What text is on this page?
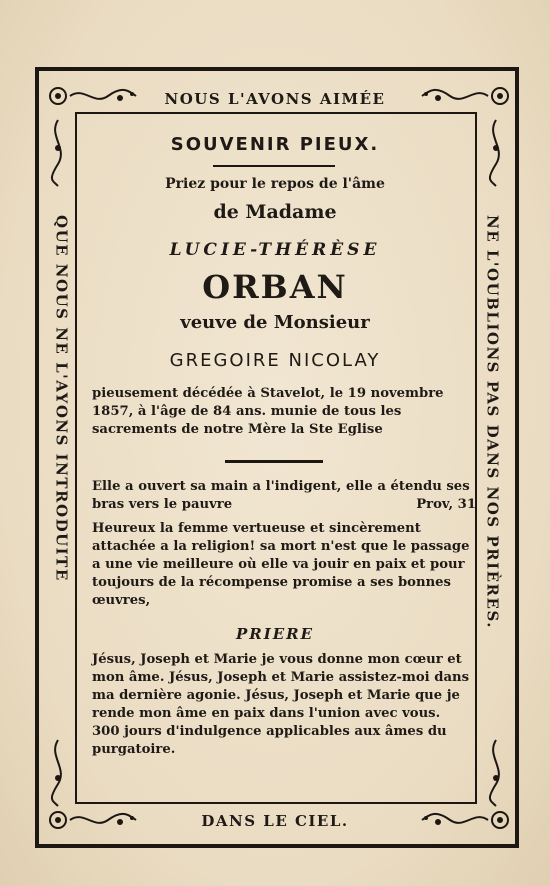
NOUS L'AVONS AIMÉE
DANS LE CIEL.
QUE NOUS NE L'AYONS INTRODUITE	NE L'OUBLIONS PAS DANS NOS PRIÈRES.
SOUVENIR PIEUX.
Priez pour le repos de l'âme
de Madame
LUCIE-THÉRÈSE
ORBAN
veuve de Monsieur
GREGOIRE NICOLAY
pieusement décédée à Stavelot, le 19 novembre 1857, à l'âge de 84 ans. munie de tous les sacrements de notre Mère la Ste Eglise
Elle a ouvert sa main a l'indigent, elle a étendu ses bras vers le pauvre	Prov, 31
Heureux la femme vertueuse et sincèrement attachée a la religion! sa mort n'est que le passage a une vie meilleure où elle va jouir en paix et pour toujours de la récompense promise a ses bonnes œuvres,
PRIERE
Jésus, Joseph et Marie je vous donne mon cœur et mon âme. Jésus, Joseph et Marie assistez-moi dans ma dernière agonie. Jésus, Joseph et Marie que je rende mon âme en paix dans l'union avec vous.
300 jours d'indulgence applicables aux âmes du purgatoire.
